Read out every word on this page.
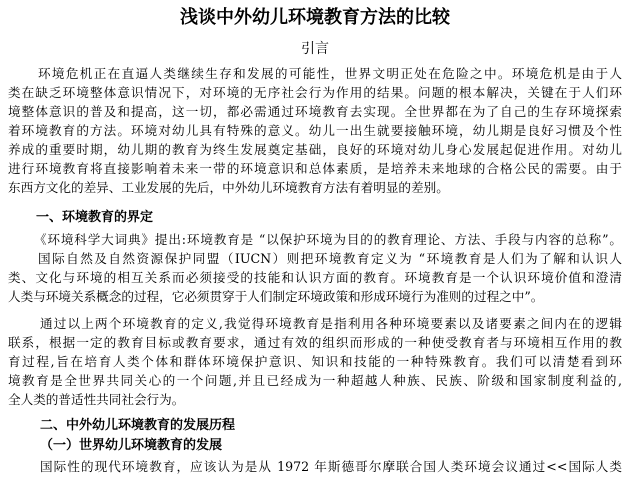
浅谈中外幼儿环境教育方法的比较
引言
环境危机正在直逼人类继续生存和发展的可能性，世界文明正处在危险之中。环境危机是由于人
类在缺乏环境整体意识情况下，对环境的无序社会行为作用的结果。问题的根本解决，关键在于人们环
境整体意识的普及和提高，这一切，都必需通过环境教育去实现。全世界都在为了自己的生存环境探索
着环境教育的方法。环境对幼儿具有特殊的意义。幼儿一出生就要接触环境，幼儿期是良好习惯及个性
养成的重要时期，幼儿期的教育为终生发展奠定基础，良好的环境对幼儿身心发展起促进作用。对幼儿
进行环境教育将直接影响着未来一带的环境意识和总体素质，是培养未来地球的合格公民的需要。由于
东西方文化的差异、工业发展的先后，中外幼儿环境教育方法有着明显的差别。
一、环境教育的界定
《环境科学大词典》提出:环境教育是 “以保护环境为目的的教育理论、方法、手段与内容的总称”。
国际自然及自然资源保护同盟（IUCN）则把环境教育定义为 “环境教育是人们为了解和认识人
类、文化与环境的相互关系而必须接受的技能和认识方面的教育。环境教育是一个认识环境价值和澄清
人类与环境关系概念的过程，它必须贯穿于人们制定环境政策和形成环境行为准则的过程之中”。
通过以上两个环境教育的定义,我觉得环境教育是指利用各种环境要素以及诸要素之间内在的逻辑
联系，根据一定的教育目标或教育要求，通过有效的组织而形成的一种使受教育者与环境相互作用的教
育过程,旨在培育人类个体和群体环境保护意识、知识和技能的一种特殊教育。我们可以清楚看到环
境教育是全世界共同关心的一个问题,并且已经成为一种超越人种族、民族、阶级和国家制度利益的,
全人类的普适性共同社会行为。
二、中外幼儿环境教育的发展历程
（一）世界幼儿环境教育的发展
国际性的现代环境教育，应该认为是从 1972 年斯德哥尔摩联合国人类环境会议通过<<国际人类
